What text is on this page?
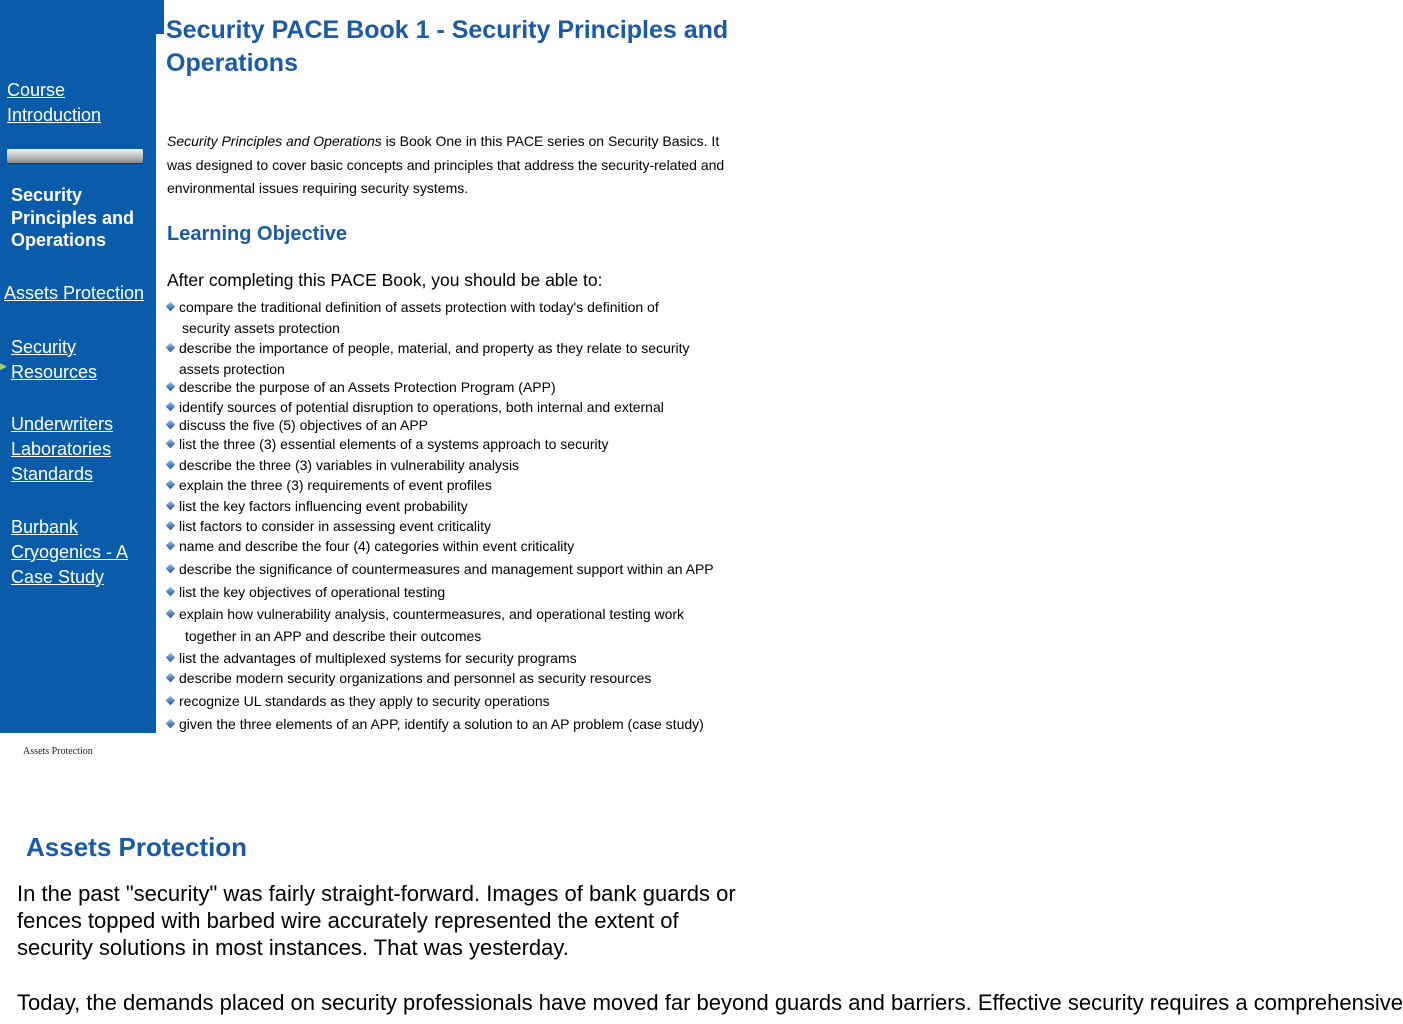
Course
Introduction
Security Principles and Operations
Assets Protection
▶
Security
Resources
Underwriters
Laboratories
Standards
Burbank
Cryogenics - A
Case Study
Security PACE Book 1 - Security Principles and Operations

Security Principles and Operations is Book One in this PACE series on Security Basics. It was designed to cover basic concepts and principles that address the security-related and environmental issues requiring security systems.

Learning Objective

After completing this PACE Book, you should be able to:

compare the traditional definition of assets protection with today's definition of
security assets protection
describe the importance of people, material, and property as they relate to security
assets protection
describe the purpose of an Assets Protection Program (APP)
identify sources of potential disruption to operations, both internal and external
discuss the five (5) objectives of an APP
list the three (3) essential elements of a systems approach to security
describe the three (3) variables in vulnerability analysis
explain the three (3) requirements of event profiles
list the key factors influencing event probability
list factors to consider in assessing event criticality
name and describe the four (4) categories within event criticality
describe the significance of countermeasures and management support within an APP
list the key objectives of operational testing
explain how vulnerability analysis, countermeasures, and operational testing work
together in an APP and describe their outcomes
list the advantages of multiplexed systems for security programs
describe modern security organizations and personnel as security resources
recognize UL standards as they apply to security operations
given the three elements of an APP, identify a solution to an AP problem (case study)
Assets Protection
Assets Protection

In the past "security" was fairly straight-forward. Images of bank guards or fences topped with barbed wire accurately represented the extent of security solutions in most instances. That was yesterday.

Today, the demands placed on security professionals have moved far beyond guards and barriers. Effective security requires a comprehensive
